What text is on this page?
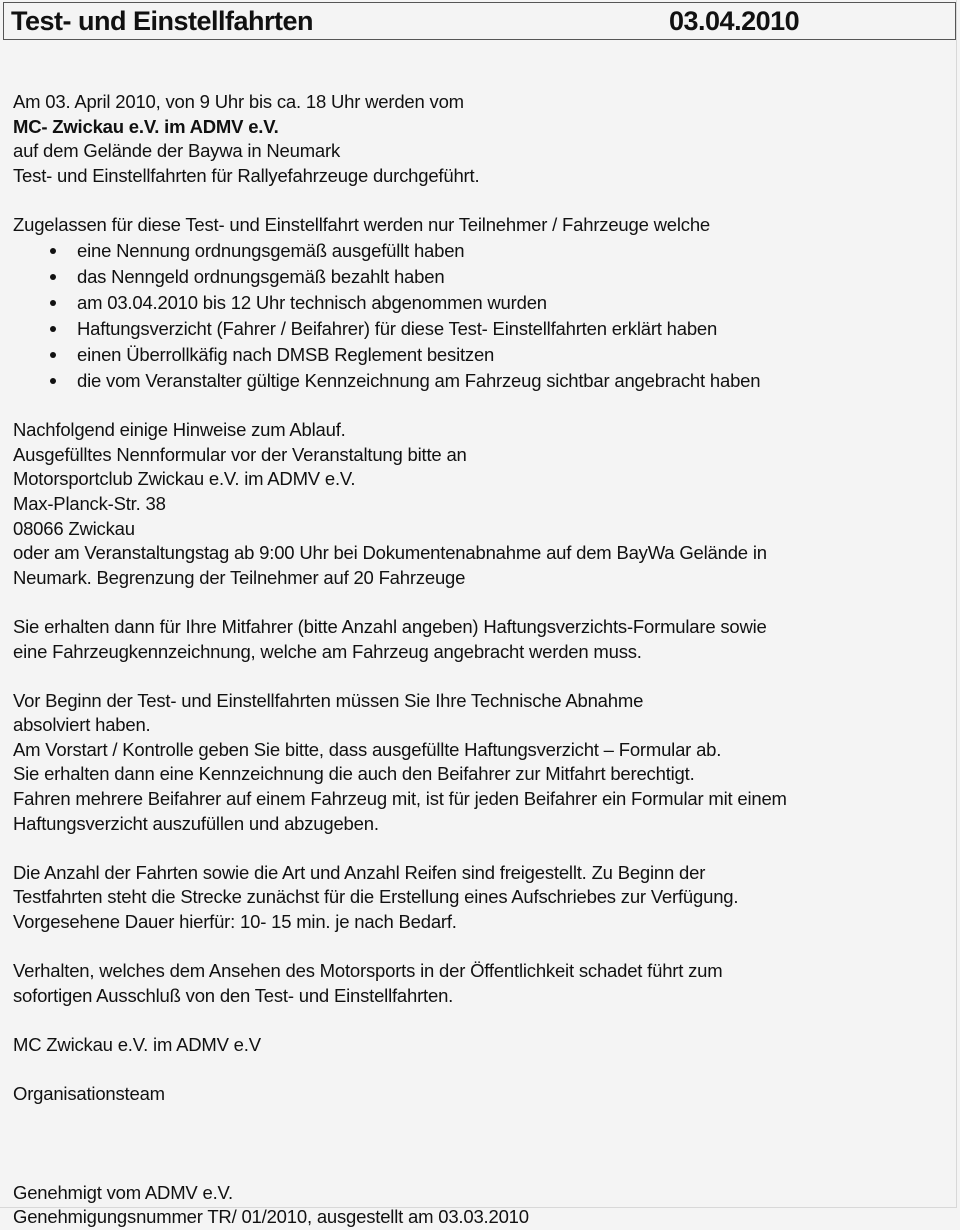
Test- und Einstellfahrten	03.04.2010
Am 03. April 2010, von 9 Uhr bis ca. 18 Uhr werden vom
MC- Zwickau e.V. im ADMV e.V.
auf dem Gelände der Baywa in Neumark
Test- und Einstellfahrten für Rallyefahrzeuge durchgeführt.
Zugelassen für diese Test- und Einstellfahrt werden nur Teilnehmer / Fahrzeuge welche
eine Nennung ordnungsgemäß ausgefüllt haben
das Nenngeld ordnungsgemäß bezahlt haben
am 03.04.2010 bis 12 Uhr technisch abgenommen wurden
Haftungsverzicht (Fahrer / Beifahrer) für diese Test- Einstellfahrten erklärt haben
einen Überrollkäfig nach DMSB Reglement besitzen
die vom Veranstalter gültige Kennzeichnung am Fahrzeug sichtbar angebracht haben
Nachfolgend einige Hinweise zum Ablauf.
Ausgefülltes Nennformular vor der Veranstaltung bitte an
Motorsportclub Zwickau e.V. im ADMV e.V.
Max-Planck-Str. 38
08066 Zwickau
oder am Veranstaltungstag ab 9:00 Uhr bei Dokumentenabnahme auf dem BayWa Gelände in
Neumark. Begrenzung der Teilnehmer auf 20 Fahrzeuge
Sie erhalten dann für Ihre Mitfahrer (bitte Anzahl angeben) Haftungsverzichts-Formulare sowie
eine Fahrzeugkennzeichnung, welche am Fahrzeug angebracht werden muss.
Vor Beginn der Test- und Einstellfahrten müssen Sie Ihre Technische Abnahme
absolviert haben.
Am Vorstart / Kontrolle geben Sie bitte, dass ausgefüllte Haftungsverzicht – Formular ab.
Sie erhalten dann eine Kennzeichnung die auch den Beifahrer zur Mitfahrt berechtigt.
Fahren mehrere Beifahrer auf einem Fahrzeug mit, ist für jeden Beifahrer ein Formular mit einem
Haftungsverzicht auszufüllen und abzugeben.
Die Anzahl der Fahrten sowie die Art und Anzahl Reifen sind freigestellt. Zu Beginn der
Testfahrten steht die Strecke zunächst für die Erstellung eines Aufschriebes zur Verfügung.
Vorgesehene Dauer hierfür: 10- 15 min. je nach Bedarf.
Verhalten, welches dem Ansehen des Motorsports in der Öffentlichkeit schadet führt zum
sofortigen Ausschluß von den Test- und Einstellfahrten.
MC Zwickau e.V. im ADMV e.V
Organisationsteam
Genehmigt vom ADMV e.V.
Genehmigungsnummer TR/ 01/2010, ausgestellt am 03.03.2010
